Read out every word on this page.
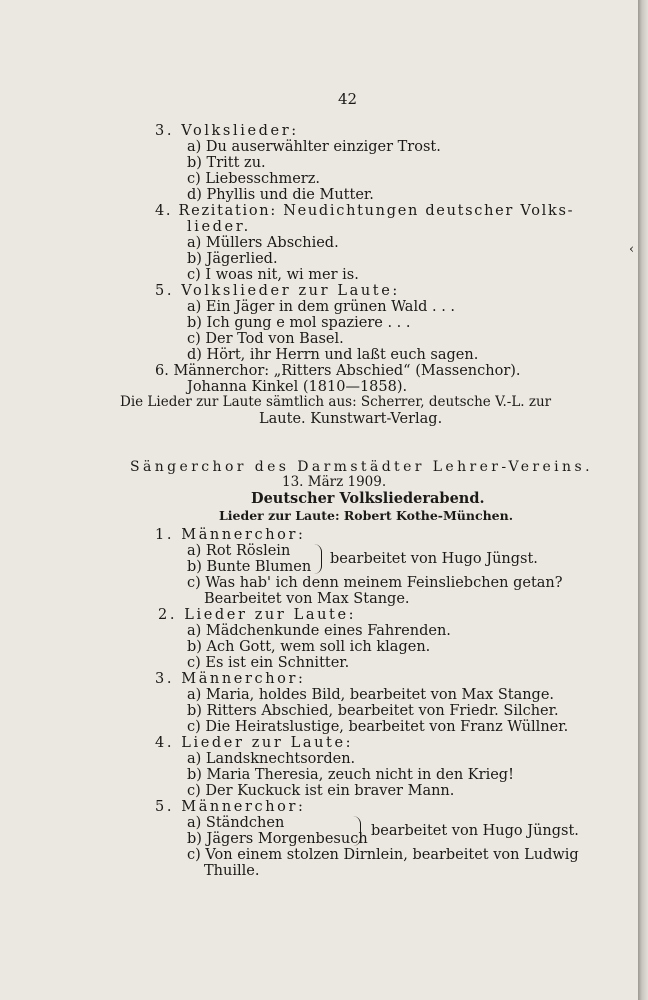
‹
42
3. Volkslieder:
a) Du auserwählter einziger Trost.
b) Tritt zu.
c) Liebesschmerz.
d) Phyllis und die Mutter.
4. Rezitation: Neudichtungen deutscher Volks-
lieder.
a) Müllers Abschied.
b) Jägerlied.
c) I woas nit, wi mer is.
5. Volkslieder zur Laute:
a) Ein Jäger in dem grünen Wald . . .
b) Ich gung e mol spaziere . . .
c) Der Tod von Basel.
d) Hört, ihr Herrn und laßt euch sagen.
6. Männerchor: „Ritters Abschied“ (Massenchor).
Johanna Kinkel (1810—1858).
Die Lieder zur Laute sämtlich aus: Scherrer, deutsche V.-L. zur
Laute. Kunstwart-Verlag.
Sängerchor des Darmstädter Lehrer-Vereins.
13. März 1909.
Deutscher Volksliederabend.
Lieder zur Laute: Robert Kothe-München.
1. Männerchor:
a) Rot Röslein
b) Bunte Blumen bearbeitet von Hugo Jüngst.
c) Was hab' ich denn meinem Feinsliebchen getan?
Bearbeitet von Max Stange.
2. Lieder zur Laute:
a) Mädchenkunde eines Fahrenden.
b) Ach Gott, wem soll ich klagen.
c) Es ist ein Schnitter.
3. Männerchor:
a) Maria, holdes Bild, bearbeitet von Max Stange.
b) Ritters Abschied, bearbeitet von Friedr. Silcher.
c) Die Heiratslustige, bearbeitet von Franz Wüllner.
4. Lieder zur Laute:
a) Landsknechtsorden.
b) Maria Theresia, zeuch nicht in den Krieg!
c) Der Kuckuck ist ein braver Mann.
5. Männerchor:
a) Ständchen
b) Jägers Morgenbesuch bearbeitet von Hugo Jüngst.
c) Von einem stolzen Dirnlein, bearbeitet von Ludwig
Thuille.
